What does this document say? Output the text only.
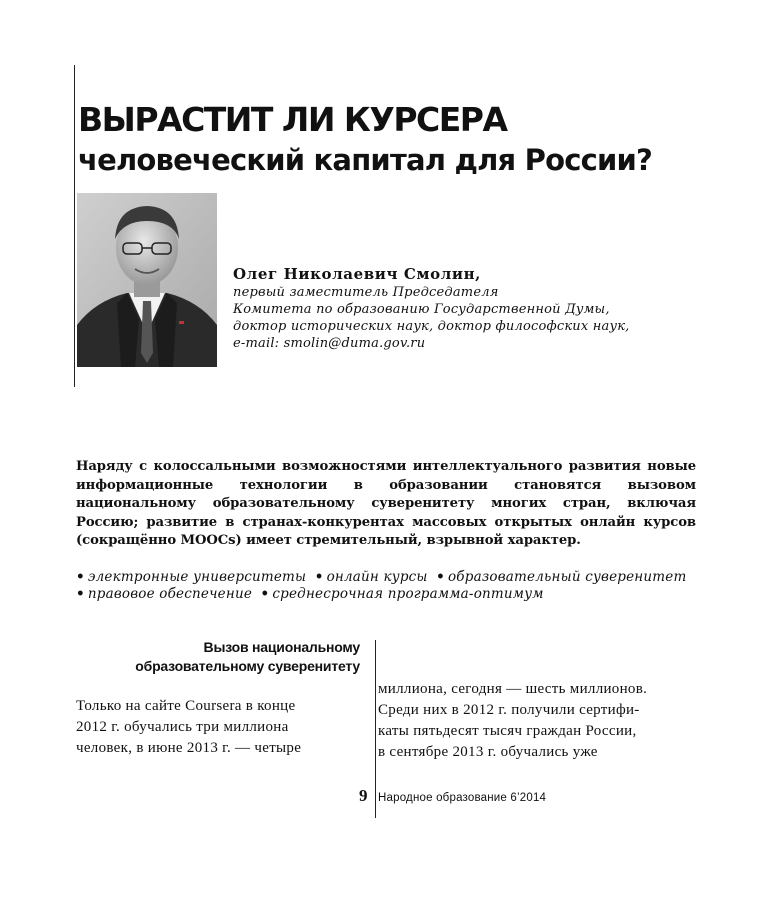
ВЫРАСТИТ ЛИ КУРСЕРА
человеческий капитал для России?
Олег Николаевич Смолин,
первый заместитель Председателя
Комитета по образованию Государственной Думы,
доктор исторических наук, доктор философских наук,
e-mail: smolin@duma.gov.ru

Наряду с колоссальными возможностями интеллектуального развития новые информационные технологии в образовании становятся вызовом национальному образовательному суверенитету многих стран, включая Россию; развитие в странах-конкурентах массовых открытых онлайн курсов (сокращённо MOOCs) имеет стремительный, взрывной характер.

• электронные университеты • онлайн курсы • образовательный суверенитет • правовое обеспечение • среднесрочная программа-оптимум
Вызов национальному
образовательному суверенитету
Только на сайте Coursera в конце
2012 г. обучались три миллиона
человек, в июне 2013 г. — четыре
миллиона, сегодня — шесть миллионов.
Среди них в 2012 г. получили сертифи-
каты пятьдесят тысяч граждан России,
в сентябре 2013 г. обучались уже
9 Народное образование 6’2014
